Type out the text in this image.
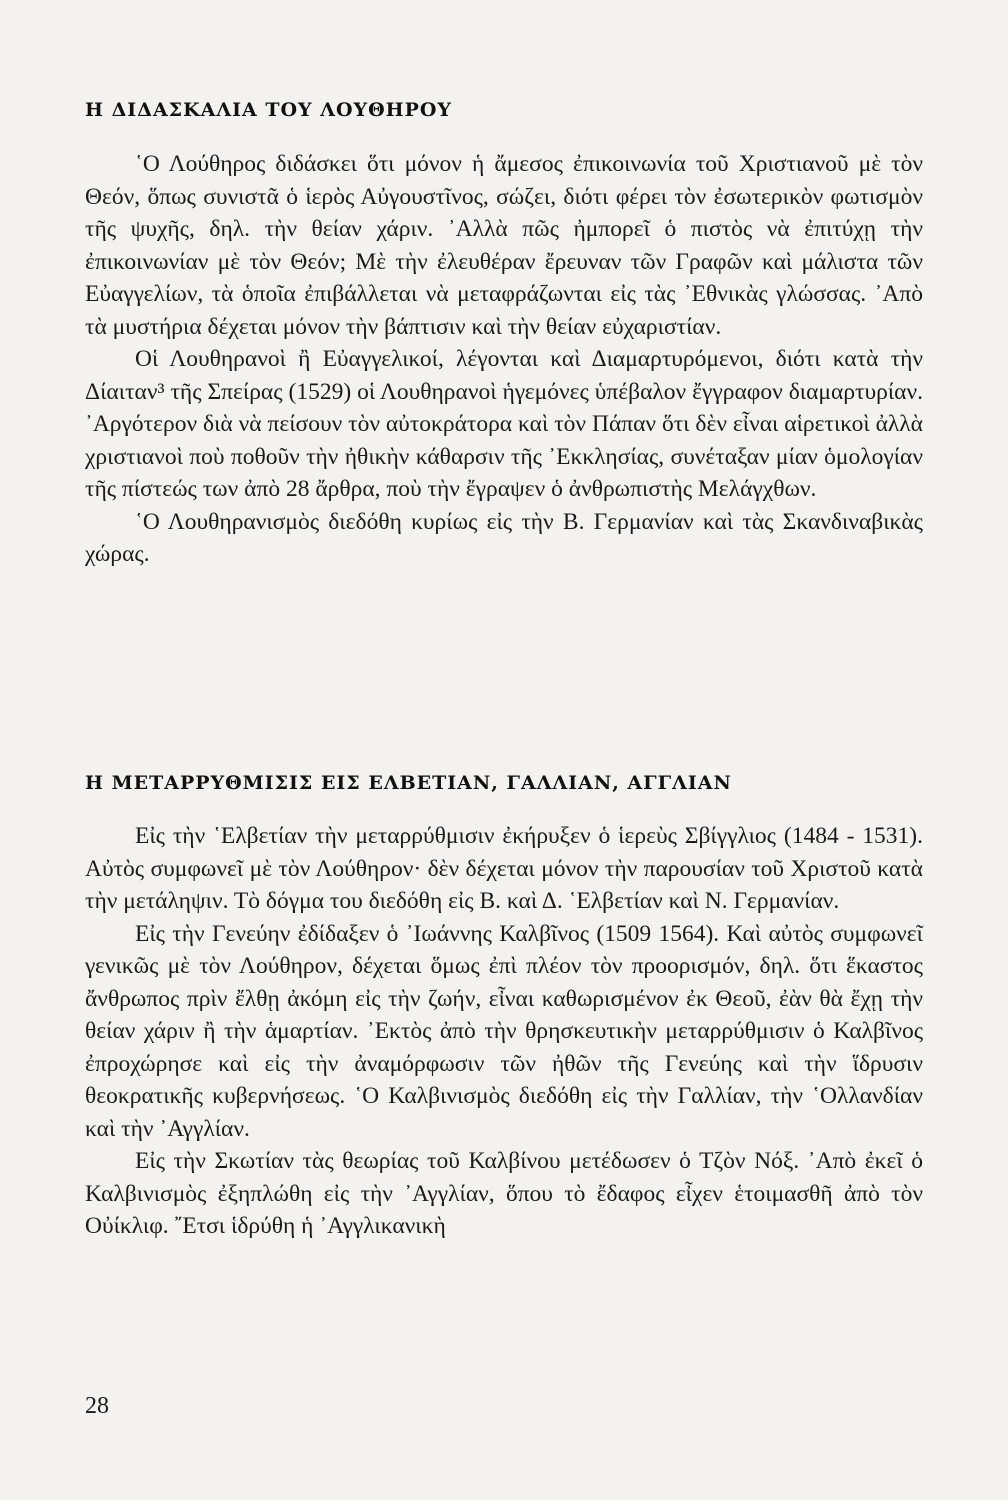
Η ΔΙΔΑΣΚΑΛΙΑ ΤΟΥ ΛΟΥΘΗΡΟΥ

῾Ο Λούθηρος διδάσκει ὅτι μόνον ἡ ἄμεσος ἐπικοινωνία τοῦ Χριστιανοῦ μὲ τὸν Θεόν, ὅπως συνιστᾶ ὁ ἱερὸς Αὐγουστῖνος, σώζει, διότι φέρει τὸν ἐσωτερικὸν φωτισμὸν τῆς ψυχῆς, δηλ. τὴν θείαν χάριν. ᾿Αλλὰ πῶς ἠμπορεῖ ὁ πιστὸς νὰ ἐπιτύχῃ τὴν ἐπικοινωνίαν μὲ τὸν Θεόν; Μὲ τὴν ἐλευθέραν ἔρευναν τῶν Γραφῶν καὶ μάλιστα τῶν Εὐαγγελίων, τὰ ὁποῖα ἐπιβάλλεται νὰ μεταφράζωνται εἰς τὰς ᾿Εθνικὰς γλώσσας. ᾿Απὸ τὰ μυστήρια δέχεται μόνον τὴν βάπτισιν καὶ τὴν θείαν εὐχαριστίαν.

Οἱ Λουθηρανοὶ ἢ Εὐαγγελικοί, λέγονται καὶ Διαμαρτυρόμενοι, διότι κατὰ τὴν Δίαιταν³ τῆς Σπείρας (1529) οἱ Λουθηρανοὶ ἡγεμόνες ὑπέβαλον ἔγγραφον διαμαρτυρίαν. ᾿Αργότερον διὰ νὰ πείσουν τὸν αὐτοκράτορα καὶ τὸν Πάπαν ὅτι δὲν εἶναι αἱρετικοὶ ἀλλὰ χριστιανοὶ ποὺ ποθοῦν τὴν ἠθικὴν κάθαρσιν τῆς ᾿Εκκλησίας, συνέταξαν μίαν ὁμολογίαν τῆς πίστεώς των ἀπὸ 28 ἄρθρα, ποὺ τὴν ἔγραψεν ὁ ἀνθρωπιστὴς Μελάγχθων.

῾Ο Λουθηρανισμὸς διεδόθη κυρίως εἰς τὴν Β. Γερμανίαν καὶ τὰς Σκανδιναβικὰς χώρας.

Η ΜΕΤΑΡΡΥΘΜΙΣΙΣ ΕΙΣ ΕΛΒΕΤΙΑΝ, ΓΑΛΛΙΑΝ, ΑΓΓΛΙΑΝ

Εἰς τὴν ῾Ελβετίαν τὴν μεταρρύθμισιν ἐκήρυξεν ὁ ἱερεὺς Σβίγγλιος (1484 - 1531). Αὐτὸς συμφωνεῖ μὲ τὸν Λούθηρον· δὲν δέχεται μόνον τὴν παρουσίαν τοῦ Χριστοῦ κατὰ τὴν μετάληψιν. Τὸ δόγμα του διεδόθη εἰς Β. καὶ Δ. ῾Ελβετίαν καὶ Ν. Γερμανίαν.

Εἰς τὴν Γενεύην ἐδίδαξεν ὁ ᾿Ιωάννης Καλβῖνος (1509 1564). Καὶ αὐτὸς συμφωνεῖ γενικῶς μὲ τὸν Λούθηρον, δέχεται ὅμως ἐπὶ πλέον τὸν προορισμόν, δηλ. ὅτι ἕκαστος ἄνθρωπος πρὶν ἔλθῃ ἀκόμη εἰς τὴν ζωήν, εἶναι καθωρισμένον ἐκ Θεοῦ, ἐὰν θὰ ἔχῃ τὴν θείαν χάριν ἢ τὴν ἁμαρτίαν. ᾿Εκτὸς ἀπὸ τὴν θρησκευτικὴν μεταρρύθμισιν ὁ Καλβῖνος ἐπροχώρησε καὶ εἰς τὴν ἀναμόρφωσιν τῶν ἠθῶν τῆς Γενεύης καὶ τὴν ἵδρυσιν θεοκρατικῆς κυβερνήσεως. ῾Ο Καλβινισμὸς διεδόθη εἰς τὴν Γαλλίαν, τὴν ῾Ολλανδίαν καὶ τὴν ᾿Αγγλίαν.

Εἰς τὴν Σκωτίαν τὰς θεωρίας τοῦ Καλβίνου μετέδωσεν ὁ Τζὸν Νόξ. ᾿Απὸ ἐκεῖ ὁ Καλβινισμὸς ἐξηπλώθη εἰς τὴν ᾿Αγγλίαν, ὅπου τὸ ἔδαφος εἶχεν ἑτοιμασθῆ ἀπὸ τὸν Οὐίκλιφ. ῎Ετσι ἱδρύθη ἡ ᾿Αγγλικανικὴ

28
